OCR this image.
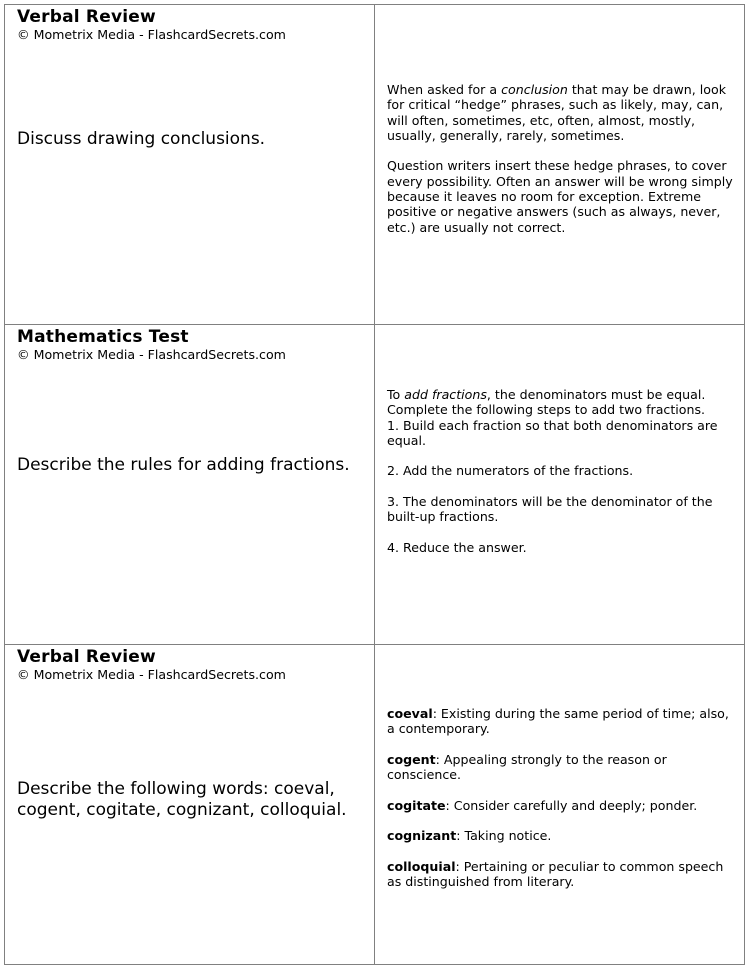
Verbal Review
© Mometrix Media - FlashcardSecrets.com
Discuss drawing conclusions.

When asked for a conclusion that may be drawn, look for critical “hedge” phrases, such as likely, may, can, will often, sometimes, etc, often, almost, mostly, usually, generally, rarely, sometimes.

Question writers insert these hedge phrases, to cover every possibility. Often an answer will be wrong simply because it leaves no room for exception. Extreme positive or negative answers (such as always, never, etc.) are usually not correct.

Mathematics Test
© Mometrix Media - FlashcardSecrets.com
Describe the rules for adding fractions.

To add fractions, the denominators must be equal.
Complete the following steps to add two fractions.
1. Build each fraction so that both denominators are equal.

2. Add the numerators of the fractions.

3. The denominators will be the denominator of the built-up fractions.

4. Reduce the answer.

Verbal Review
© Mometrix Media - FlashcardSecrets.com
Describe the following words: coeval, cogent, cogitate, cognizant, colloquial.

coeval: Existing during the same period of time; also, a contemporary.

cogent: Appealing strongly to the reason or conscience.

cogitate: Consider carefully and deeply; ponder.

cognizant: Taking notice.

colloquial: Pertaining or peculiar to common speech as distinguished from literary.
